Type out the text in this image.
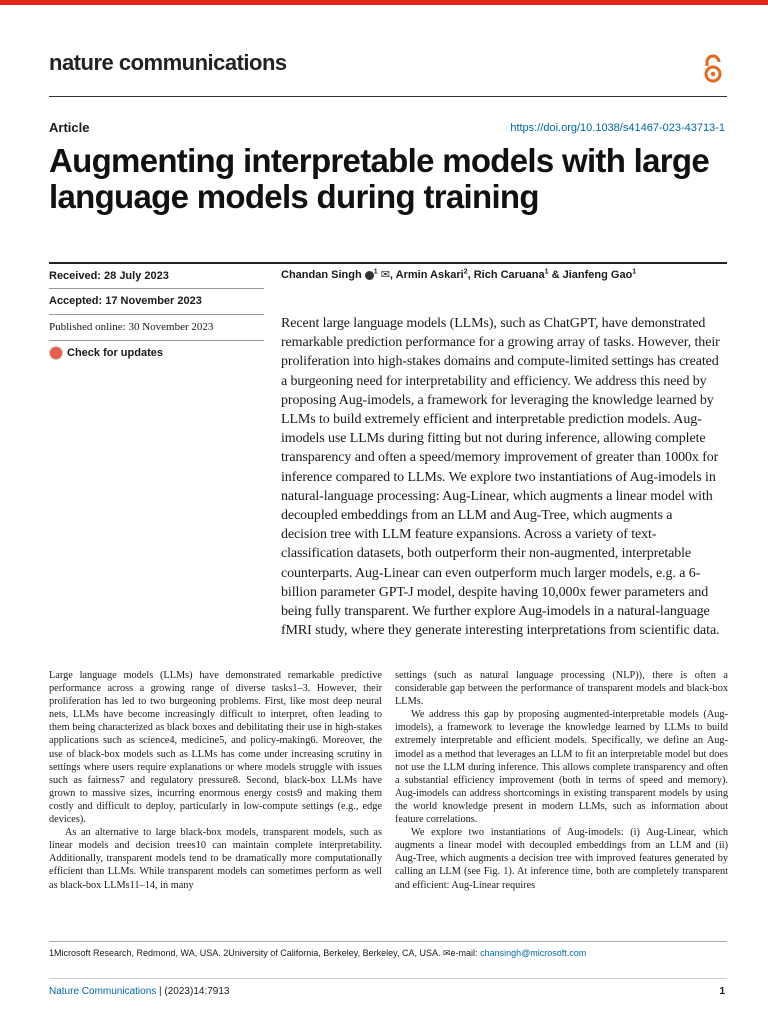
nature communications
Article	https://doi.org/10.1038/s41467-023-43713-1
Augmenting interpretable models with large language models during training
Received: 28 July 2023
Accepted: 17 November 2023
Published online: 30 November 2023
Check for updates
Chandan Singh $^1$ ✉, Armin Askari$^2$, Rich Caruana$^1$ & Jianfeng Gao$^1$

Recent large language models (LLMs), such as ChatGPT, have demonstrated remarkable prediction performance for a growing array of tasks. However, their proliferation into high-stakes domains and compute-limited settings has created a burgeoning need for interpretability and efficiency. We address this need by proposing Aug-imodels, a framework for leveraging the knowledge learned by LLMs to build extremely efficient and interpretable prediction models. Aug-imodels use LLMs during fitting but not during inference, allowing complete transparency and often a speed/memory improvement of greater than 1000x for inference compared to LLMs. We explore two instantiations of Aug-imodels in natural-language processing: Aug-Linear, which augments a linear model with decoupled embeddings from an LLM and Aug-Tree, which augments a decision tree with LLM feature expansions. Across a variety of text-classification datasets, both outperform their non-augmented, interpretable counterparts. Aug-Linear can even outperform much larger models, e.g. a 6-billion parameter GPT-J model, despite having 10,000x fewer parameters and being fully transparent. We further explore Aug-imodels in a natural-language fMRI study, where they generate interesting interpretations from scientific data.

Large language models (LLMs) have demonstrated remarkable predictive performance across a growing range of diverse tasks1–3. However, their proliferation has led to two burgeoning problems. First, like most deep neural nets, LLMs have become increasingly difficult to interpret, often leading to them being characterized as black boxes and debilitating their use in high-stakes applications such as science4, medicine5, and policy-making6. Moreover, the use of black-box models such as LLMs has come under increasing scrutiny in settings where users require explanations or where models struggle with issues such as fairness7 and regulatory pressure8. Second, black-box LLMs have grown to massive sizes, incurring enormous energy costs9 and making them costly and difficult to deploy, particularly in low-compute settings (e.g., edge devices).

As an alternative to large black-box models, transparent models, such as linear models and decision trees10 can maintain complete interpretability. Additionally, transparent models tend to be dramatically more computationally efficient than LLMs. While transparent models can sometimes perform as well as black-box LLMs11–14, in many

settings (such as natural language processing (NLP)), there is often a considerable gap between the performance of transparent models and black-box LLMs.

We address this gap by proposing augmented-interpretable models (Aug-imodels), a framework to leverage the knowledge learned by LLMs to build extremely interpretable and efficient models. Specifically, we define an Aug-imodel as a method that leverages an LLM to fit an interpretable model but does not use the LLM during inference. This allows complete transparency and often a substantial efficiency improvement (both in terms of speed and memory). Aug-imodels can address shortcomings in existing transparent models by using the world knowledge present in modern LLMs, such as information about feature correlations.

We explore two instantiations of Aug-imodels: (i) Aug-Linear, which augments a linear model with decoupled embeddings from an LLM and (ii) Aug-Tree, which augments a decision tree with improved features generated by calling an LLM (see Fig. 1). At inference time, both are completely transparent and efficient: Aug-Linear requires

1Microsoft Research, Redmond, WA, USA. 2University of California, Berkeley, Berkeley, CA, USA. ✉e-mail: chansingh@microsoft.com
Nature Communications | (2023)14:7913	1
